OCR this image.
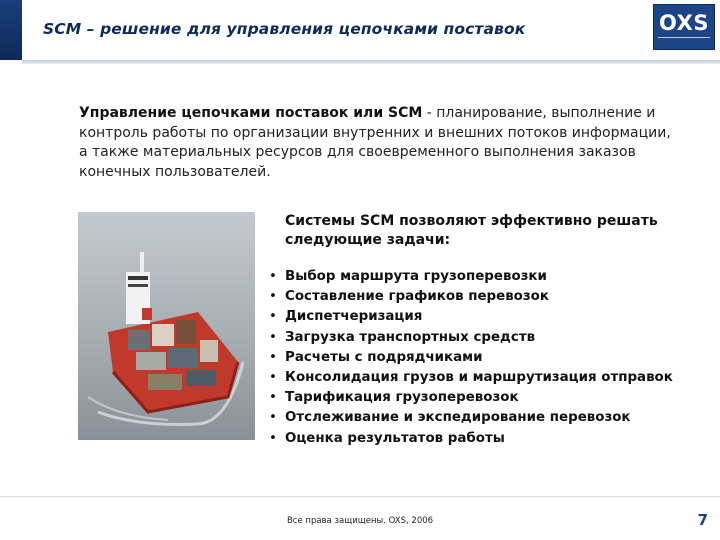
SCM – решение для управления цепочками поставок	OXS
Управление цепочками поставок или SCM - планирование, выполнение и контроль работы по организации внутренних и внешних потоков информации, а также материальных ресурсов для своевременного выполнения заказов конечных пользователей.
Системы SCM позволяют эффективно решать следующие задачи:
• Выбор маршрута грузоперевозки
• Составление графиков перевозок
• Диспетчеризация
• Загрузка транспортных средств
• Расчеты с подрядчиками
• Консолидация грузов и маршрутизация отправок
• Тарификация грузоперевозок
• Отслеживание и экспедирование перевозок
• Оценка результатов работы
Все права защищены. OXS, 2006	7
